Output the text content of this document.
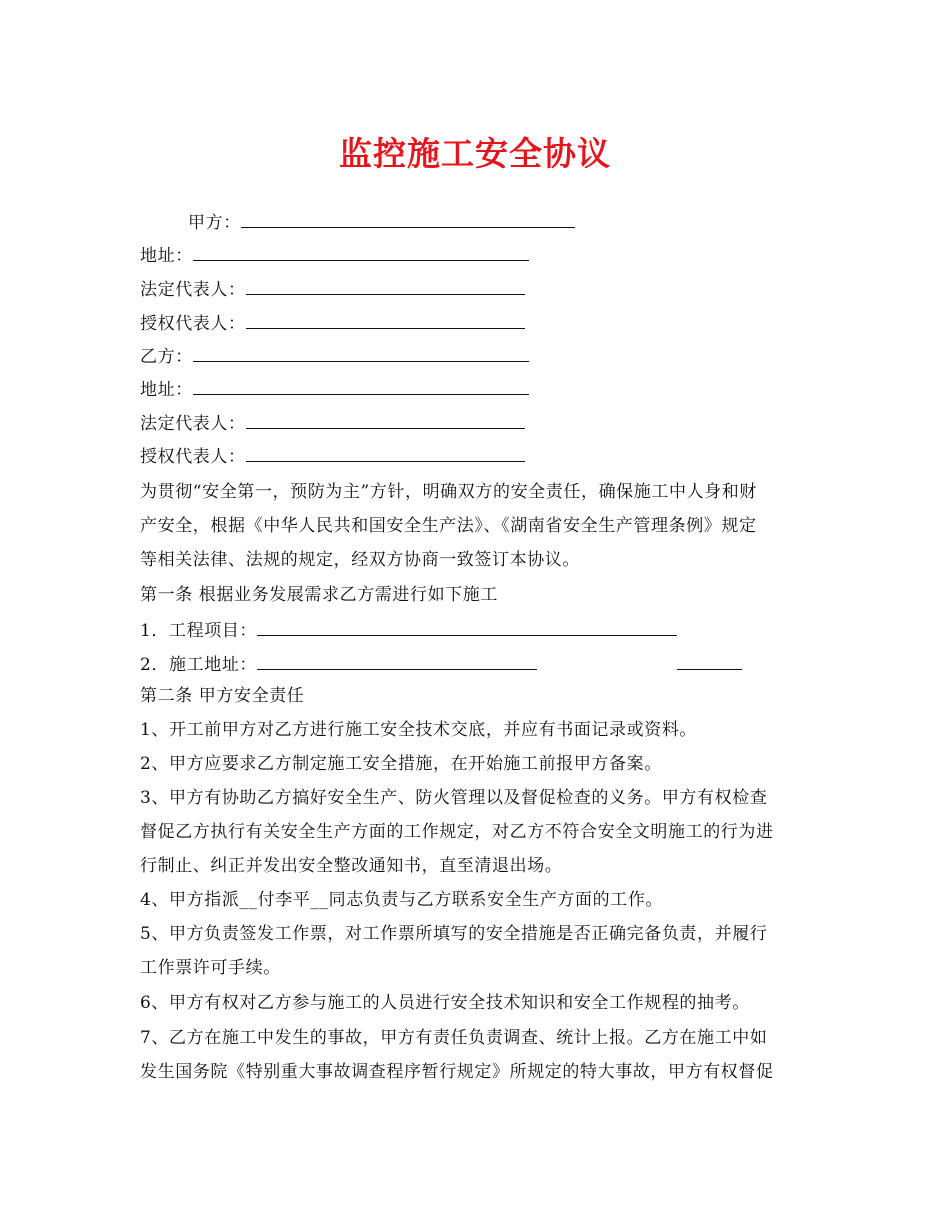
监控施工安全协议
甲方：
地址：
法定代表人：
授权代表人：
乙方：
地址：
法定代表人：
授权代表人：
为贯彻“安全第一，预防为主”方针，明确双方的安全责任，确保施工中人身和财
产安全，根据《中华人民共和国安全生产法》、《湖南省安全生产管理条例》规定
等相关法律、法规的规定，经双方协商一致签订本协议。
第一条 根据业务发展需求乙方需进行如下施工
1．工程项目：
2．施工地址：
第二条 甲方安全责任
1、开工前甲方对乙方进行施工安全技术交底，并应有书面记录或资料。
2、甲方应要求乙方制定施工安全措施，在开始施工前报甲方备案。
3、甲方有协助乙方搞好安全生产、防火管理以及督促检查的义务。甲方有权检查
督促乙方执行有关安全生产方面的工作规定，对乙方不符合安全文明施工的行为进
行制止、纠正并发出安全整改通知书，直至清退出场。
4、甲方指派__付李平__同志负责与乙方联系安全生产方面的工作。
5、甲方负责签发工作票，对工作票所填写的安全措施是否正确完备负责，并履行
工作票许可手续。
6、甲方有权对乙方参与施工的人员进行安全技术知识和安全工作规程的抽考。
7、乙方在施工中发生的事故，甲方有责任负责调查、统计上报。乙方在施工中如
发生国务院《特别重大事故调查程序暂行规定》所规定的特大事故，甲方有权督促
